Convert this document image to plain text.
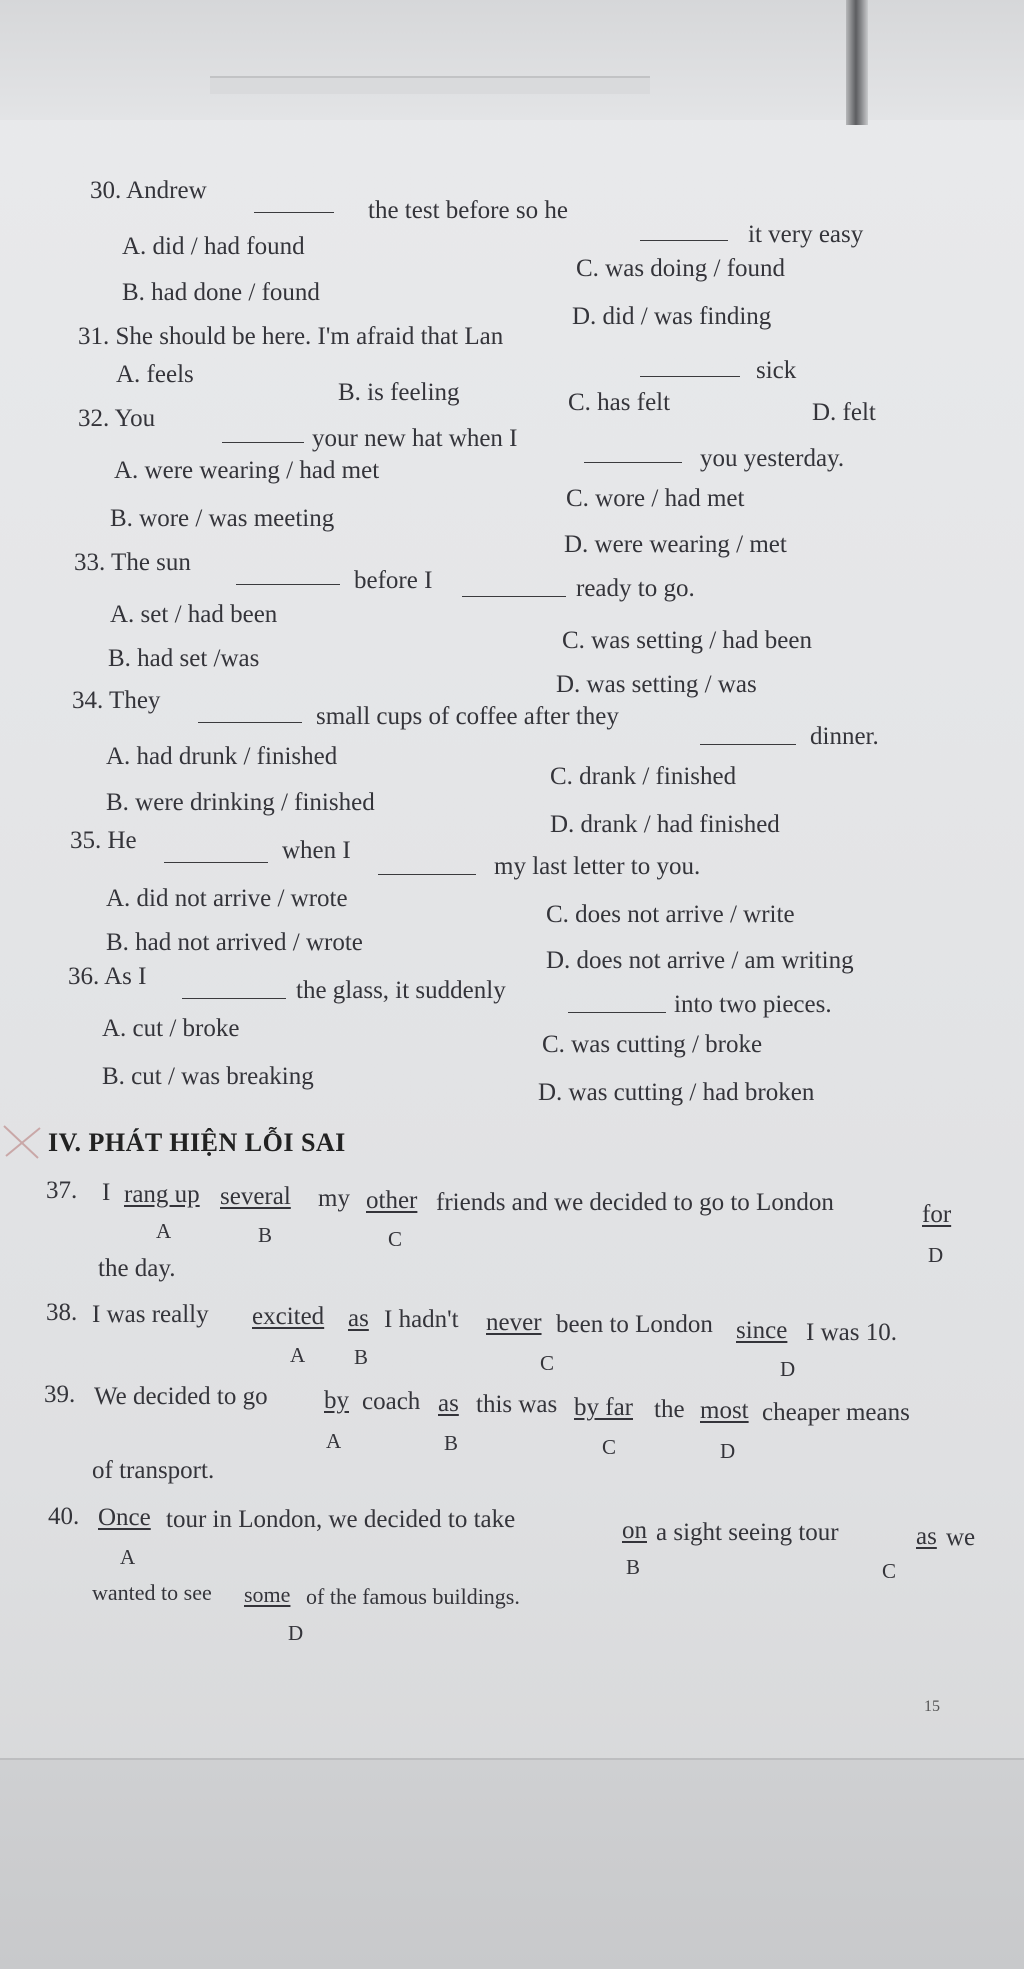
30. Andrew
the test before so he
it very easy
A. did / had found
B. had done / found
C. was doing / found
D. did / was finding
31. She should be here. I'm afraid that Lan
sick
A. feels
B. is feeling	C. has felt	D. felt
32. You
your new hat when I
you yesterday.
A. were wearing / had met
B. wore / was meeting
C. wore / had met
D. were wearing / met
33. The sun
before I	ready to go.
A. set / had been
B. had set /was
C. was setting / had been
D. was setting / was
34. They
small cups of coffee after they
dinner.
A. had drunk / finished
B. were drinking / finished
C. drank / finished
D. drank / had finished
35. He	when I
my last letter to you.
A. did not arrive / wrote
B. had not arrived / wrote
C. does not arrive / write
D. does not arrive / am writing
36. As I
the glass, it suddenly
into two pieces.
A. cut / broke
B. cut / was breaking
C. was cutting / broke
D. was cutting / had broken
IV. PHÁT HIỆN LỖI SAI
37. I rang up several my other friends and we decided to go to London	for
A	B	C
D
the day.
38. I was really excited as I hadn't never been to London since I was 10.
A B	C	D
39. We decided to go by coach as this was by far the most cheaper means
A	B	C	D
of transport.
40. Once tour in London, we decided to take	on a sight seeing tour	as we
A	B	C
wanted to see some of the famous buildings.
D
15
